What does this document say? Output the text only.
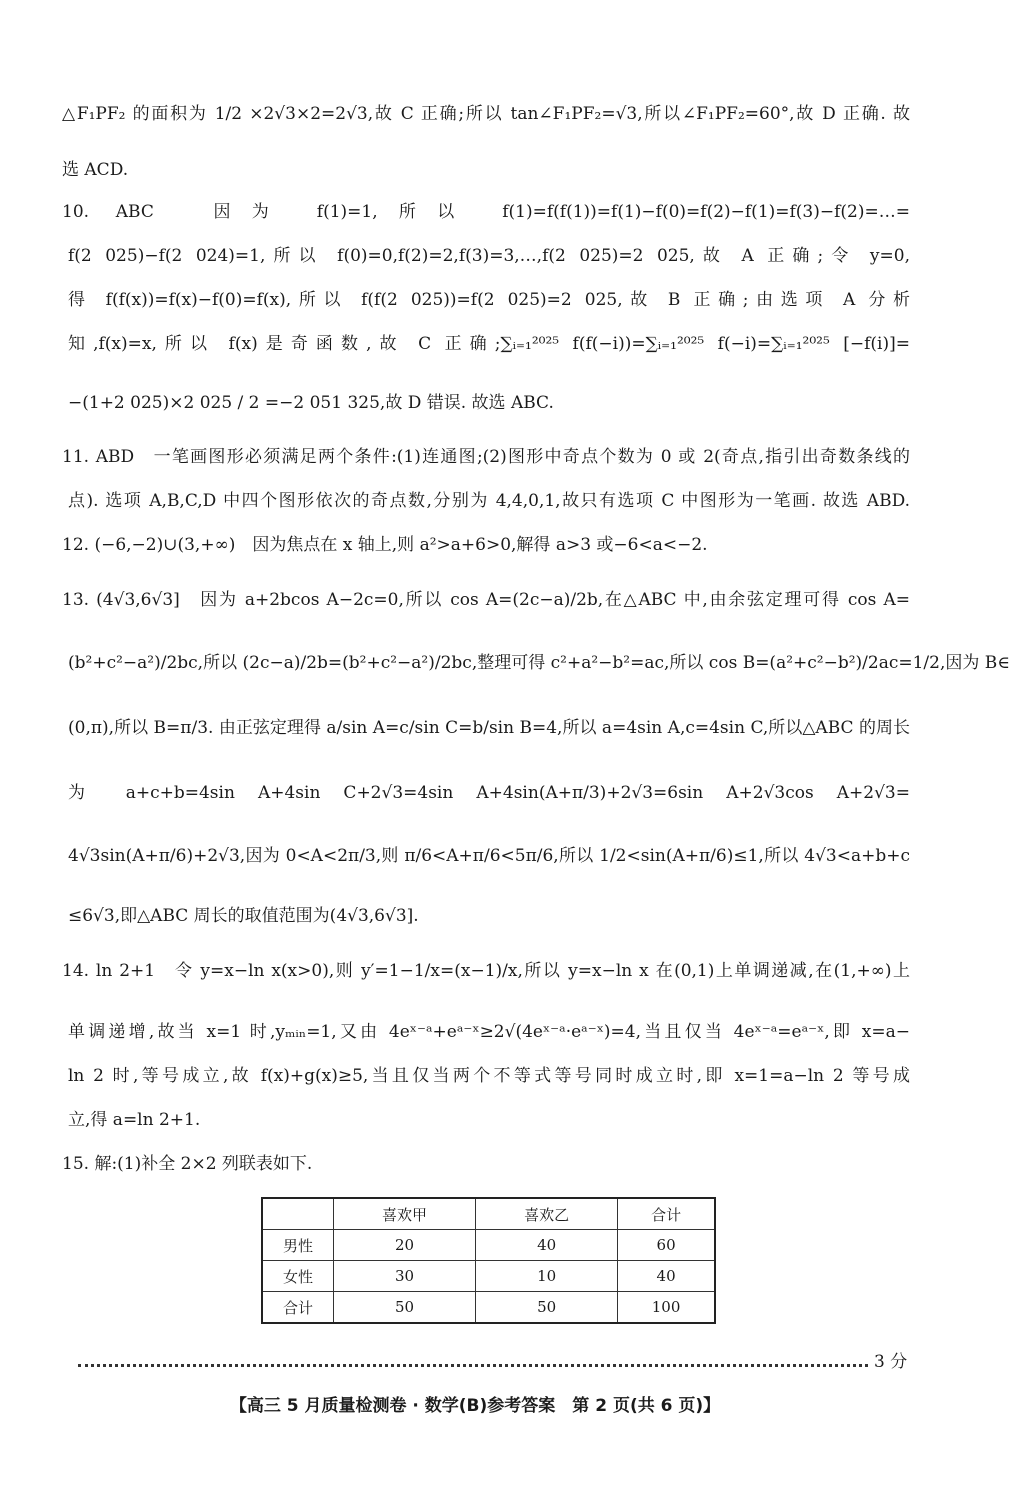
△F₁PF₂ 的面积为 1/2 ×2√3×2=2√3,故 C 正确;所以 tan∠F₁PF₂=√3,所以∠F₁PF₂=60°,故 D 正确. 故
选 ACD.
10. ABC　因为 f(1)=1,所以 f(1)=f(f(1))=f(1)−f(0)=f(2)−f(1)=f(3)−f(2)=…=
f(2 025)−f(2 024)=1,所以 f(0)=0,f(2)=2,f(3)=3,…,f(2 025)=2 025,故 A 正确;令 y=0,
得 f(f(x))=f(x)−f(0)=f(x),所以 f(f(2 025))=f(2 025)=2 025,故 B 正确;由选项 A 分析
知,f(x)=x,所以 f(x)是奇函数,故 C 正确;∑ᵢ₌₁²⁰²⁵ f(f(−i))=∑ᵢ₌₁²⁰²⁵ f(−i)=∑ᵢ₌₁²⁰²⁵ [−f(i)]=
−(1+2 025)×2 025 / 2 =−2 051 325,故 D 错误. 故选 ABC.
11. ABD　一笔画图形必须满足两个条件:(1)连通图;(2)图形中奇点个数为 0 或 2(奇点,指引出奇数条线的
点). 选项 A,B,C,D 中四个图形依次的奇点数,分别为 4,4,0,1,故只有选项 C 中图形为一笔画. 故选 ABD.
12. (−6,−2)∪(3,+∞)　因为焦点在 x 轴上,则 a²>a+6>0,解得 a>3 或−6<a<−2.
13. (4√3,6√3]　因为 a+2bcos A−2c=0,所以 cos A=(2c−a)/2b,在△ABC 中,由余弦定理可得 cos A=
(b²+c²−a²)/2bc,所以 (2c−a)/2b=(b²+c²−a²)/2bc,整理可得 c²+a²−b²=ac,所以 cos B=(a²+c²−b²)/2ac=1/2,因为 B∈
(0,π),所以 B=π/3. 由正弦定理得 a/sin A=c/sin C=b/sin B=4,所以 a=4sin A,c=4sin C,所以△ABC 的周长
为 a+c+b=4sin A+4sin C+2√3=4sin A+4sin(A+π/3)+2√3=6sin A+2√3cos A+2√3=
4√3sin(A+π/6)+2√3,因为 0<A<2π/3,则 π/6<A+π/6<5π/6,所以 1/2<sin(A+π/6)≤1,所以 4√3<a+b+c
≤6√3,即△ABC 周长的取值范围为(4√3,6√3].
14. ln 2+1　令 y=x−ln x(x>0),则 y′=1−1/x=(x−1)/x,所以 y=x−ln x 在(0,1)上单调递减,在(1,+∞)上
单调递增,故当 x=1 时,yₘᵢₙ=1,又由 4eˣ⁻ᵃ+eᵃ⁻ˣ≥2√(4eˣ⁻ᵃ·eᵃ⁻ˣ)=4,当且仅当 4eˣ⁻ᵃ=eᵃ⁻ˣ,即 x=a−
ln 2 时,等号成立,故 f(x)+g(x)≥5,当且仅当两个不等式等号同时成立时,即 x=1=a−ln 2 等号成
立,得 a=ln 2+1.
15. 解:(1)补全 2×2 列联表如下.
	喜欢甲	喜欢乙	合计
男性	20	40	60
女性	30	10	40
合计	50	50	100
3 分
【高三 5 月质量检测卷 · 数学(B)参考答案　第 2 页(共 6 页)】
